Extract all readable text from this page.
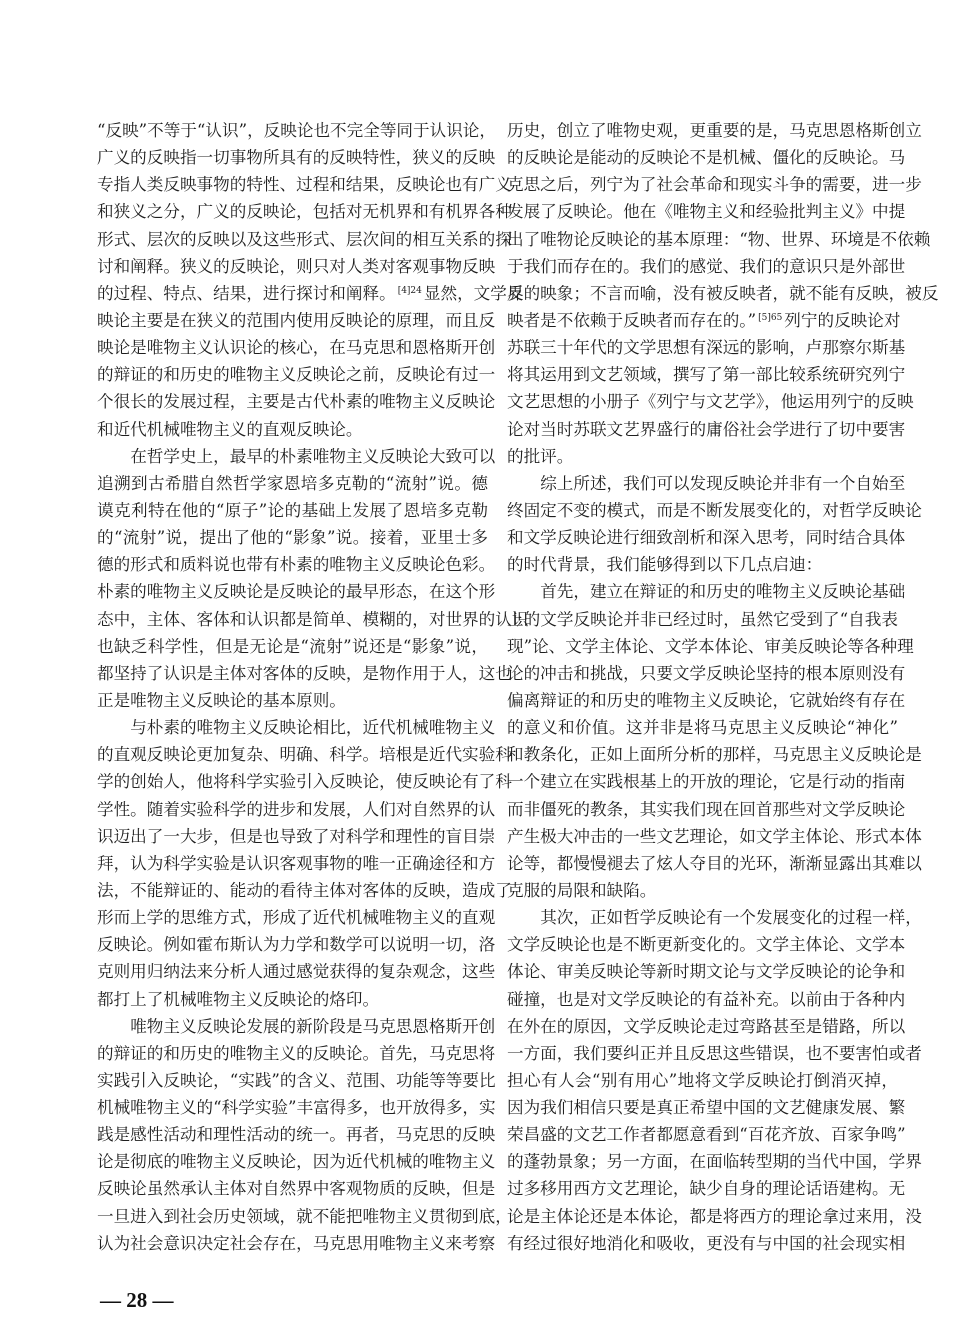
“反映”不等于“认识”，反映论也不完全等同于认识论，
广义的反映指一切事物所具有的反映特性，狭义的反映
专指人类反映事物的特性、过程和结果，反映论也有广义
和狭义之分，广义的反映论，包括对无机界和有机界各种
形式、层次的反映以及这些形式、层次间的相互关系的探
讨和阐释。狭义的反映论，则只对人类对客观事物反映
的过程、特点、结果，进行探讨和阐释。 $^{[4]24}$ 显然，文学反
映论主要是在狭义的范围内使用反映论的原理，而且反
映论是唯物主义认识论的核心，在马克思和恩格斯开创
的辩证的和历史的唯物主义反映论之前，反映论有过一
个很长的发展过程，主要是古代朴素的唯物主义反映论
和近代机械唯物主义的直观反映论。
在哲学史上，最早的朴素唯物主义反映论大致可以
追溯到古希腊自然哲学家恩培多克勒的“流射”说。德
谟克利特在他的“原子”论的基础上发展了恩培多克勒
的“流射”说，提出了他的“影象”说。接着，亚里士多
德的形式和质料说也带有朴素的唯物主义反映论色彩。
朴素的唯物主义反映论是反映论的最早形态，在这个形
态中，主体、客体和认识都是简单、模糊的，对世界的认识
也缺乏科学性，但是无论是“流射”说还是“影象”说，
都坚持了认识是主体对客体的反映，是物作用于人，这也
正是唯物主义反映论的基本原则。
与朴素的唯物主义反映论相比，近代机械唯物主义
的直观反映论更加复杂、明确、科学。培根是近代实验科
学的创始人，他将科学实验引入反映论，使反映论有了科
学性。随着实验科学的进步和发展，人们对自然界的认
识迈出了一大步，但是也导致了对科学和理性的盲目崇
拜，认为科学实验是认识客观事物的唯一正确途径和方
法，不能辩证的、能动的看待主体对客体的反映，造成了
形而上学的思维方式，形成了近代机械唯物主义的直观
反映论。例如霍布斯认为力学和数学可以说明一切，洛
克则用归纳法来分析人通过感觉获得的复杂观念，这些
都打上了机械唯物主义反映论的烙印。
唯物主义反映论发展的新阶段是马克思恩格斯开创
的辩证的和历史的唯物主义的反映论。首先，马克思将
实践引入反映论，“实践”的含义、范围、功能等等要比
机械唯物主义的“科学实验”丰富得多，也开放得多，实
践是感性活动和理性活动的统一。再者，马克思的反映
论是彻底的唯物主义反映论，因为近代机械的唯物主义
反映论虽然承认主体对自然界中客观物质的反映，但是
一旦进入到社会历史领域，就不能把唯物主义贯彻到底，
认为社会意识决定社会存在，马克思用唯物主义来考察
历史，创立了唯物史观，更重要的是，马克思恩格斯创立
的反映论是能动的反映论不是机械、僵化的反映论。马
克思之后，列宁为了社会革命和现实斗争的需要，进一步
发展了反映论。他在《唯物主义和经验批判主义》中提
出了唯物论反映论的基本原理：“物、世界、环境是不依赖
于我们而存在的。我们的感觉、我们的意识只是外部世
界的映象；不言而喻，没有被反映者，就不能有反映，被反
映者是不依赖于反映者而存在的。” $^{[5]65}$ 列宁的反映论对
苏联三十年代的文学思想有深远的影响，卢那察尔斯基
将其运用到文艺领域，撰写了第一部比较系统研究列宁
文艺思想的小册子《列宁与文艺学》，他运用列宁的反映
论对当时苏联文艺界盛行的庸俗社会学进行了切中要害
的批评。
综上所述，我们可以发现反映论并非有一个自始至
终固定不变的模式，而是不断发展变化的，对哲学反映论
和文学反映论进行细致剖析和深入思考，同时结合具体
的时代背景，我们能够得到以下几点启迪：
首先，建立在辩证的和历史的唯物主义反映论基础
上的文学反映论并非已经过时，虽然它受到了“自我表
现”论、文学主体论、文学本体论、审美反映论等各种理
论的冲击和挑战，只要文学反映论坚持的根本原则没有
偏离辩证的和历史的唯物主义反映论，它就始终有存在
的意义和价值。这并非是将马克思主义反映论“神化”
和教条化，正如上面所分析的那样，马克思主义反映论是
一个建立在实践根基上的开放的理论，它是行动的指南
而非僵死的教条，其实我们现在回首那些对文学反映论
产生极大冲击的一些文艺理论，如文学主体论、形式本体
论等，都慢慢褪去了炫人夺目的光环，渐渐显露出其难以
克服的局限和缺陷。
其次，正如哲学反映论有一个发展变化的过程一样，
文学反映论也是不断更新变化的。文学主体论、文学本
体论、审美反映论等新时期文论与文学反映论的论争和
碰撞，也是对文学反映论的有益补充。以前由于各种内
在外在的原因，文学反映论走过弯路甚至是错路，所以
一方面，我们要纠正并且反思这些错误，也不要害怕或者
担心有人会“别有用心”地将文学反映论打倒消灭掉，
因为我们相信只要是真正希望中国的文艺健康发展、繁
荣昌盛的文艺工作者都愿意看到“百花齐放、百家争鸣”
的蓬勃景象；另一方面，在面临转型期的当代中国，学界
过多移用西方文艺理论，缺少自身的理论话语建构。无
论是主体论还是本体论，都是将西方的理论拿过来用，没
有经过很好地消化和吸收，更没有与中国的社会现实相
— 28 —
